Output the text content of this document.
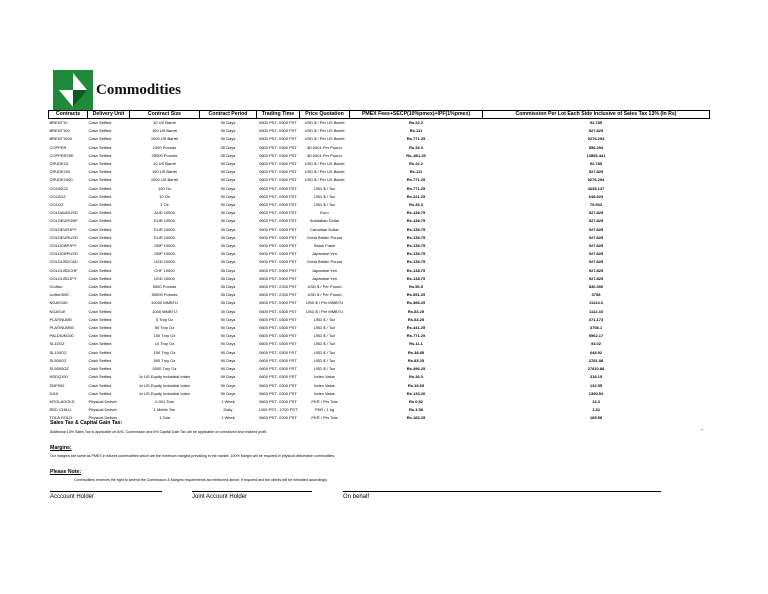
Commodities
Contracts	Delivery Unit	Contract Size	Contract Period	Trading Time	Price Quotation	PMEX Fees+SECP(10%pmex)+IPF(1%pmex)	Commission Per Lot Each Side Inclusive of Sales Tax 13% (In Rs)
BRENT10	Cash Settled	10 US Barrel	90 Days	0600 PST- 0300 PST	USD $ / Per US Barrel	Rs.22.2	92.785
BRENT100	Cash Settled	100 US Barrel	90 Days	0600 PST- 0300 PST	USD $ / Per US Barrel	Rs.111	927.825
BRENT1000	Cash Settled	1000 US Barrel	90 Days	0600 PST- 0300 PST	USD $ / Per US Barrel	Rs.771.25	9276.294
COPPER	Cash Settled	1000 Pounds	30 Days	0600 PST- 0300 PST	$0.0001 Per Pound	Rs.33.3	556.294
COPPER25K	Cash Settled	25000 Pounds	30 Days	0600 PST- 0300 PST	$0.0001 Per Pound	Rs.,861.25	13865.441
CRUDE10	Cash Settled	10 US Barrel	90 Days	0600 PST- 0300 PST	USD $ / Per US Barrel	Rs.22.2	92.785
CRUDE100	Cash Settled	100 US Barrel	90 Days	0600 PST- 0300 PST	USD $ / Per US Barrel	Rs.111	927.825
CRUDE1000	Cash Settled	1000 US Barrel	90 Days	0600 PST- 0300 PST	USD $ / Per US Barrel	Rs.771.25	9276.294
GO100OZ	Cash Settled	100 Oz	90 Days	0600 PST- 0300 PST	USD $ / Toz	Rs.771.25	4635.147
GO10OZ	Cash Settled	10 Oz	90 Days	0600 PST- 0300 PST	USD $ / Toz	Rs.221.25	648.923
GO1OZ	Cash Settled	1 Oz	90 Days	0600 PST- 0300 PST	USD $ / Toz	Rs.33.3	79.533
GOLDAUDUSD	Cash Settled	AUD 10000	30 Days	0600 PST- 0300 PST	Euro	Rs.138.75	927.825
GOLDEURGBP	Cash Settled	EUR 10000	30 Days	0600 PST- 0300 PST	Australian Dollar	Rs.138.75	927.825
GOLDEURJPY	Cash Settled	EUR 10000	30 Days	0600 PST- 0300 PST	Canadian Dollar	Rs.138.75	927.825
GOLDEURUSD	Cash Settled	EUR 10000	30 Days	0600 PST- 0300 PST	Great Britain Pound	Rs.138.75	927.825
GOLDGBPJPY	Cash Settled	GBP 10000	30 Days	0600 PST- 0300 PST	Swiss Frank	Rs.138.75	927.825
GOLDGBPUSD	Cash Settled	GBP 10000	30 Days	0600 PST- 0300 PST	Japanese Yen	Rs.138.75	927.825
GOLDUSDCAD	Cash Settled	USD 10000	30 Days	0600 PST- 0300 PST	Great Britain Pound	Rs.138.75	927.825
GOLDUSDCHF	Cash Settled	CHF 10000	30 Days	0600 PST- 0300 PST	Japanese Yen	Rs.138.75	927.825
GOLDUSDJPY	Cash Settled	USD 10000	30 Days	0600 PST- 0300 PST	Japanese Yen	Rs.138.75	927.825
ICofton	Cash Settled	5000 Pounds	30 Days	0600 PST- 2330 PST	USD $ / Per Pound	Rs.50.5	836.306
IcoftonS0K	Cash Settled	50000 Pounds	30 Days	0600 PST- 2330 PST	USD $ / Per Pound	Rs.551.25	3708
NGAS10K	Cash Settled	10000 MMBTU	30 Days	0600 PST- 0300 PST	USD $ / Per MMBTU	Rs.386.25	11124.3
NGAS1K	Cash Settled	1000 MMBTU	30 Days	0600 PST- 0300 PST	USD $ / Per MMBTU	Rs.83.25	1112.43
PLATINUM5	Cash Settled	5 Troy Oz	90 Days	0600 PST- 0300 PST	USD $ / Toz	Rs.83.25	371.173
PLATINUM50	Cash Settled	50 Troy Oz	90 Days	0600 PST- 0300 PST	USD $ / Toz	Rs.441.25	3708.1
PALDIUM100	Cash Settled	100 Troy Oz	90 Days	0600 PST- 0300 PST	USD $ / Toz	Rs.771.25	5562.17
SL10OZ	Cash Settled	10 Troy Oz	90 Days	0600 PST- 0300 PST	USD $ / Toz	Rs.11.1	53.02
SL100OZ	Cash Settled	100 Troy Oz	90 Days	0600 PST- 0300 PST	USD $ / Toz	Rs.38.85	648.92
SL500OZ	Cash Settled	500 Troy Oz	90 Days	0600 PST- 0300 PST	USD $ / Toz	Rs.83.25	2781.08
SL5000OZ	Cash Settled	5000 Troy Oz	90 Days	0600 PST- 0300 PST	USD $ / Toz	Rs.496.25	27810.88
NSDQ100	Cash Settled	1x US Equity Industrial Index	90 Days	0600 PST- 0300 PST	Index Value	Rs.33.3	318.15
SNP500	Cash Settled	1x US Equity Industrial Index	90 Days	0600 PST- 0300 PST	Index Value	Rs.16.65	132.55
DJIA	Cash Settled	1x US Equity Industrial Index	90 Days	0600 PST- 0300 PST	Index Value	Rs.133.20	1390.54
MTOLAGOLD	Physical Deliver	0.001 Tola	1 Week	0600 PST- 0300 PST	PKR / Per Tola	Rs.0.82	13.3
RED CHILLI	Physical Deliver	1 Metric Ton	Daily	1000 PST - 1700 PST	PKR / 1 kg	Rs.1.58	1.32
TOLA GOLD	Physical Deliver	1 Tola	1 Week	0600 PST- 0200 PST	PKR / Per Tola	Rs.166.25	185.58
Sales Tax & Capital Gain Tax:
Additional 13% Sales Tax is applicable on AHC Commission and 5% Capital Gain Tax will be applicable on unrealized and realized profit.	-
Margins:
Our margins are same as PMEX in futures commodities which are the minimum margins prevailing in the market. 100% Margin will be required in physical deliverable commodities.
Please Note:
Commodities reserves the right to amend the Commission & Margins requirements as mentioned above, if required and the clients will be intimated accordingly.
Acccount Holder	Joint Account Holder	On behalf
